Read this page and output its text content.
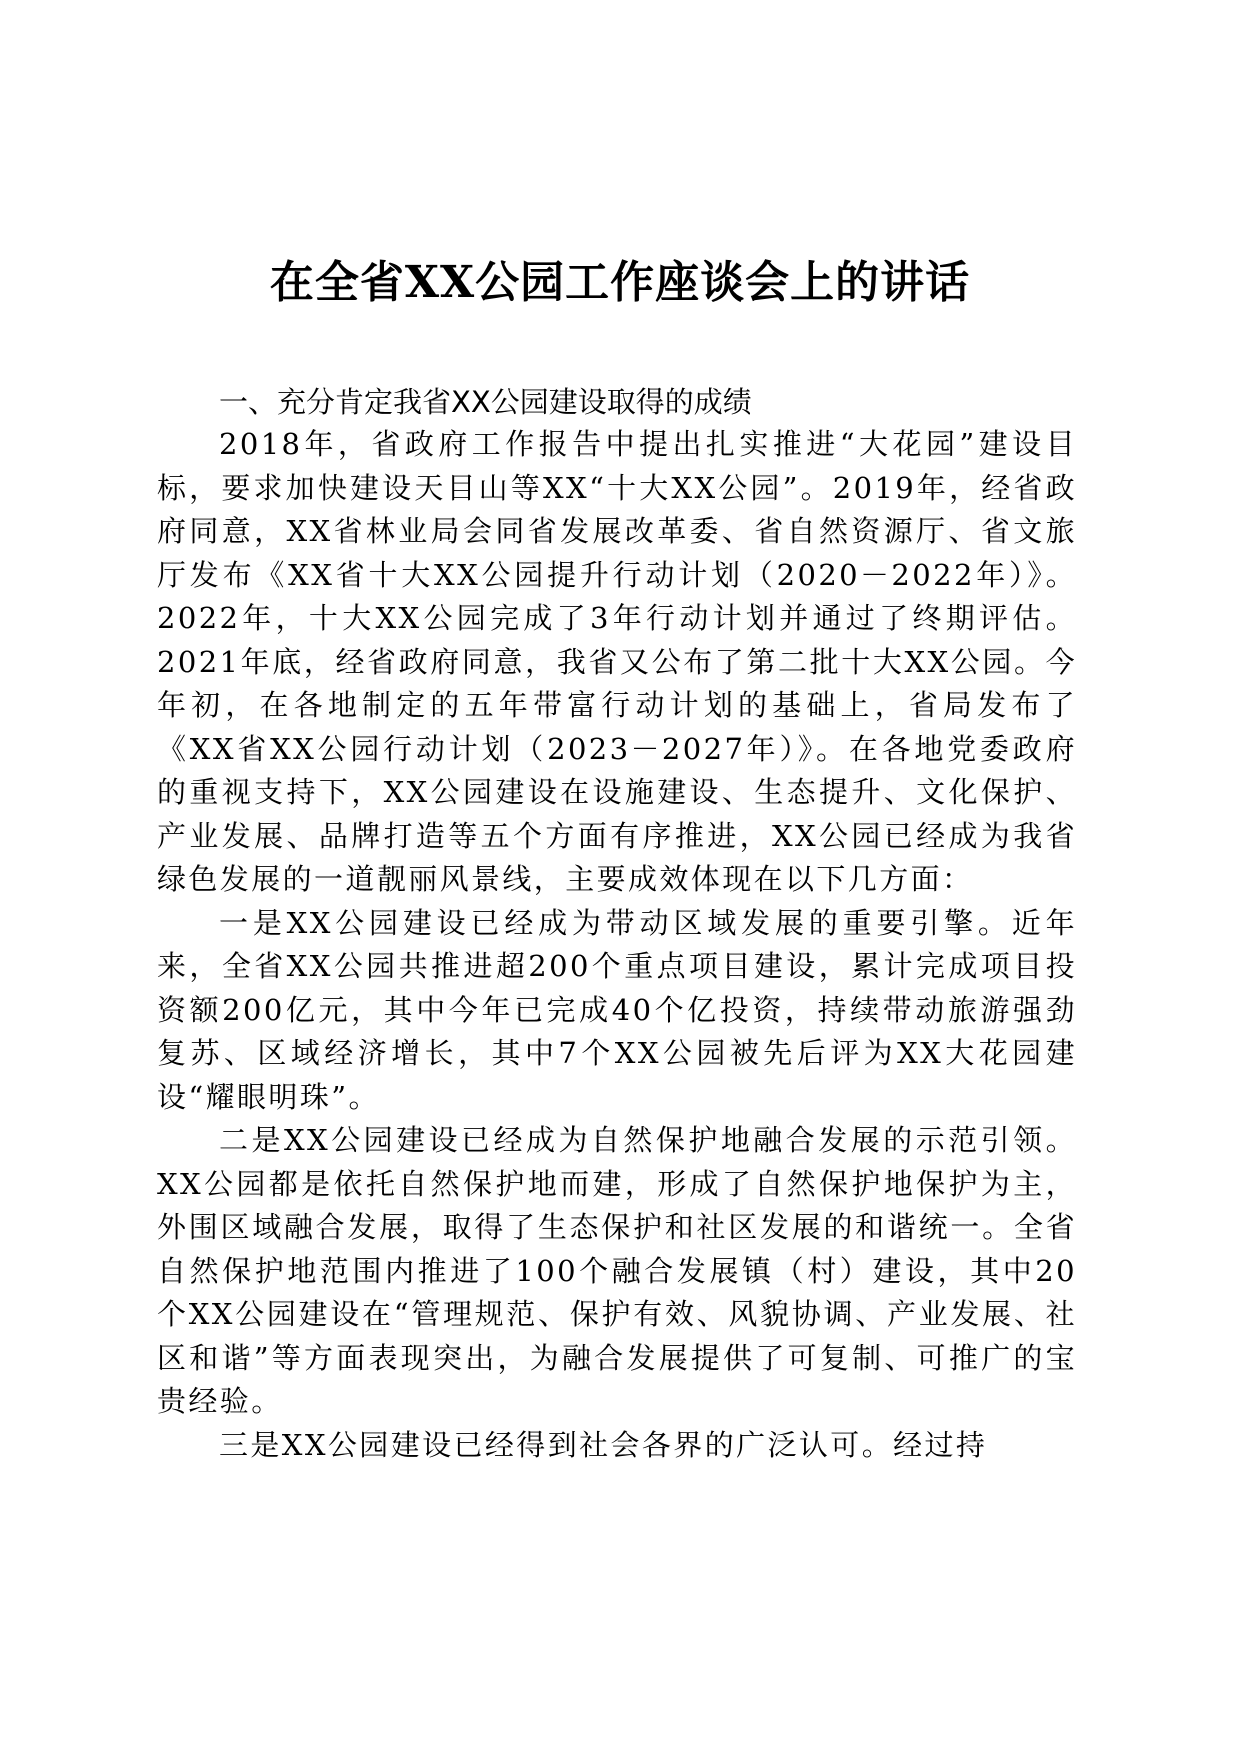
在全省XX公园工作座谈会上的讲话
一、充分肯定我省XX公园建设取得的成绩

2018年，省政府工作报告中提出扎实推进“大花园”建设目标，要求加快建设天目山等XX“十大XX公园”。2019年，经省政府同意，XX省林业局会同省发展改革委、省自然资源厅、省文旅厅发布《XX省十大XX公园提升行动计划（2020－2022年）》。2022年，十大XX公园完成了3年行动计划并通过了终期评估。2021年底，经省政府同意，我省又公布了第二批十大XX公园。今年初，在各地制定的五年带富行动计划的基础上，省局发布了《XX省XX公园行动计划（2023－2027年）》。在各地党委政府的重视支持下，XX公园建设在设施建设、生态提升、文化保护、产业发展、品牌打造等五个方面有序推进，XX公园已经成为我省绿色发展的一道靓丽风景线，主要成效体现在以下几方面：

一是XX公园建设已经成为带动区域发展的重要引擎。近年来，全省XX公园共推进超200个重点项目建设，累计完成项目投资额200亿元，其中今年已完成40个亿投资，持续带动旅游强劲复苏、区域经济增长，其中7个XX公园被先后评为XX大花园建设“耀眼明珠”。

二是XX公园建设已经成为自然保护地融合发展的示范引领。XX公园都是依托自然保护地而建，形成了自然保护地保护为主，外围区域融合发展，取得了生态保护和社区发展的和谐统一。全省自然保护地范围内推进了100个融合发展镇（村）建设，其中20个XX公园建设在“管理规范、保护有效、风貌协调、产业发展、社区和谐”等方面表现突出，为融合发展提供了可复制、可推广的宝贵经验。

三是XX公园建设已经得到社会各界的广泛认可。经过持
